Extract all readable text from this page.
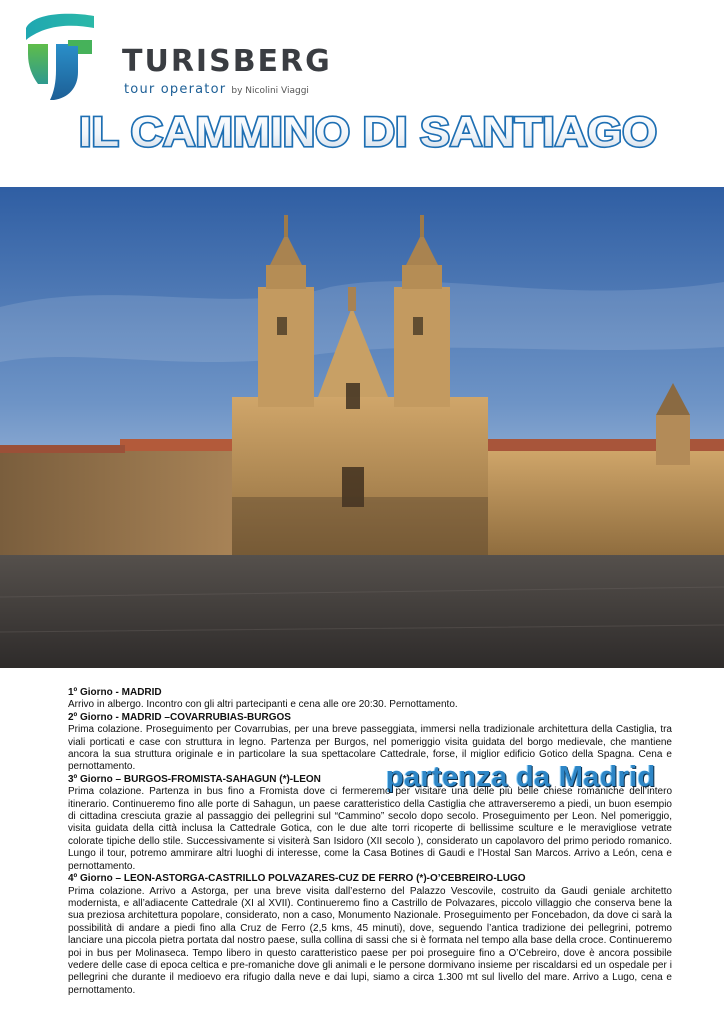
TURISBERG

tour operator by Nicolini Viaggi
IL CAMMINO DI SANTIAGO

partenza da Madrid

1º Giorno - MADRID

Arrivo in albergo. Incontro con gli altri partecipanti e cena alle ore 20:30. Pernottamento.

2º Giorno - MADRID –COVARRUBIAS-BURGOS

Prima colazione. Proseguimento per Covarrubias, per una breve passeggiata, immersi nella tradizionale architettura della Castiglia, tra viali porticati e case con struttura in legno. Partenza per Burgos, nel pomeriggio visita guidata del borgo medievale, che mantiene ancora la sua struttura originale e in particolare la sua spettacolare Cattedrale, forse, il miglior edificio Gotico della Spagna. Cena e pernottamento.

3º Giorno – BURGOS-FROMISTA-SAHAGUN (*)-LEON

Prima colazione. Partenza in bus fino a Fromista dove ci fermeremo per visitare una delle più belle chiese romaniche dell’intero itinerario. Continueremo fino alle porte di Sahagun, un paese caratteristico della Castiglia che attraverseremo a piedi, un buon esempio di cittadina cresciuta grazie al passaggio dei pellegrini sul “Cammino” secolo dopo secolo. Proseguimento per Leon. Nel pomeriggio, visita guidata della città inclusa la Cattedrale Gotica, con le due alte torri ricoperte di bellissime sculture e le meravigliose vetrate colorate tipiche dello stile. Successivamente si visiterà San Isidoro (XII secolo ), considerato un capolavoro del primo periodo romanico. Lungo il tour, potremo ammirare altri luoghi di interesse, come la Casa Botines di Gaudi e l’Hostal San Marcos. Arrivo a León, cena e pernottamento.

4º Giorno – LEON-ASTORGA-CASTRILLO POLVAZARES-CUZ DE FERRO (*)-O’CEBREIRO-LUGO

Prima colazione. Arrivo a Astorga, per una breve visita dall’esterno del Palazzo Vescovile, costruito da Gaudi geniale architetto modernista, e all’adiacente Cattedrale (XI al XVII). Continueremo fino a Castrillo de Polvazares, piccolo villaggio che conserva bene la sua preziosa architettura popolare, considerato, non a caso, Monumento Nazionale. Proseguimento per Foncebadon, da dove ci sarà la possibilità di andare a piedi fino alla Cruz de Ferro (2,5 kms, 45 minuti), dove, seguendo l’antica tradizione dei pellegrini, potremo lanciare una piccola pietra portata dal nostro paese, sulla collina di sassi che si è formata nel tempo alla base della croce. Continueremo poi in bus per Molinaseca. Tempo libero in questo caratteristico paese per poi proseguire fino a O’Cebreiro, dove è ancora possibile vedere delle case di epoca celtica e pre-romaniche dove gli animali e le persone dormivano insieme per riscaldarsi ed un ospedale per i pellegrini che durante il medioevo era rifugio dalla neve e dai lupi, siamo a circa 1.300 mt sul livello del mare. Arrivo a Lugo, cena e pernottamento.
